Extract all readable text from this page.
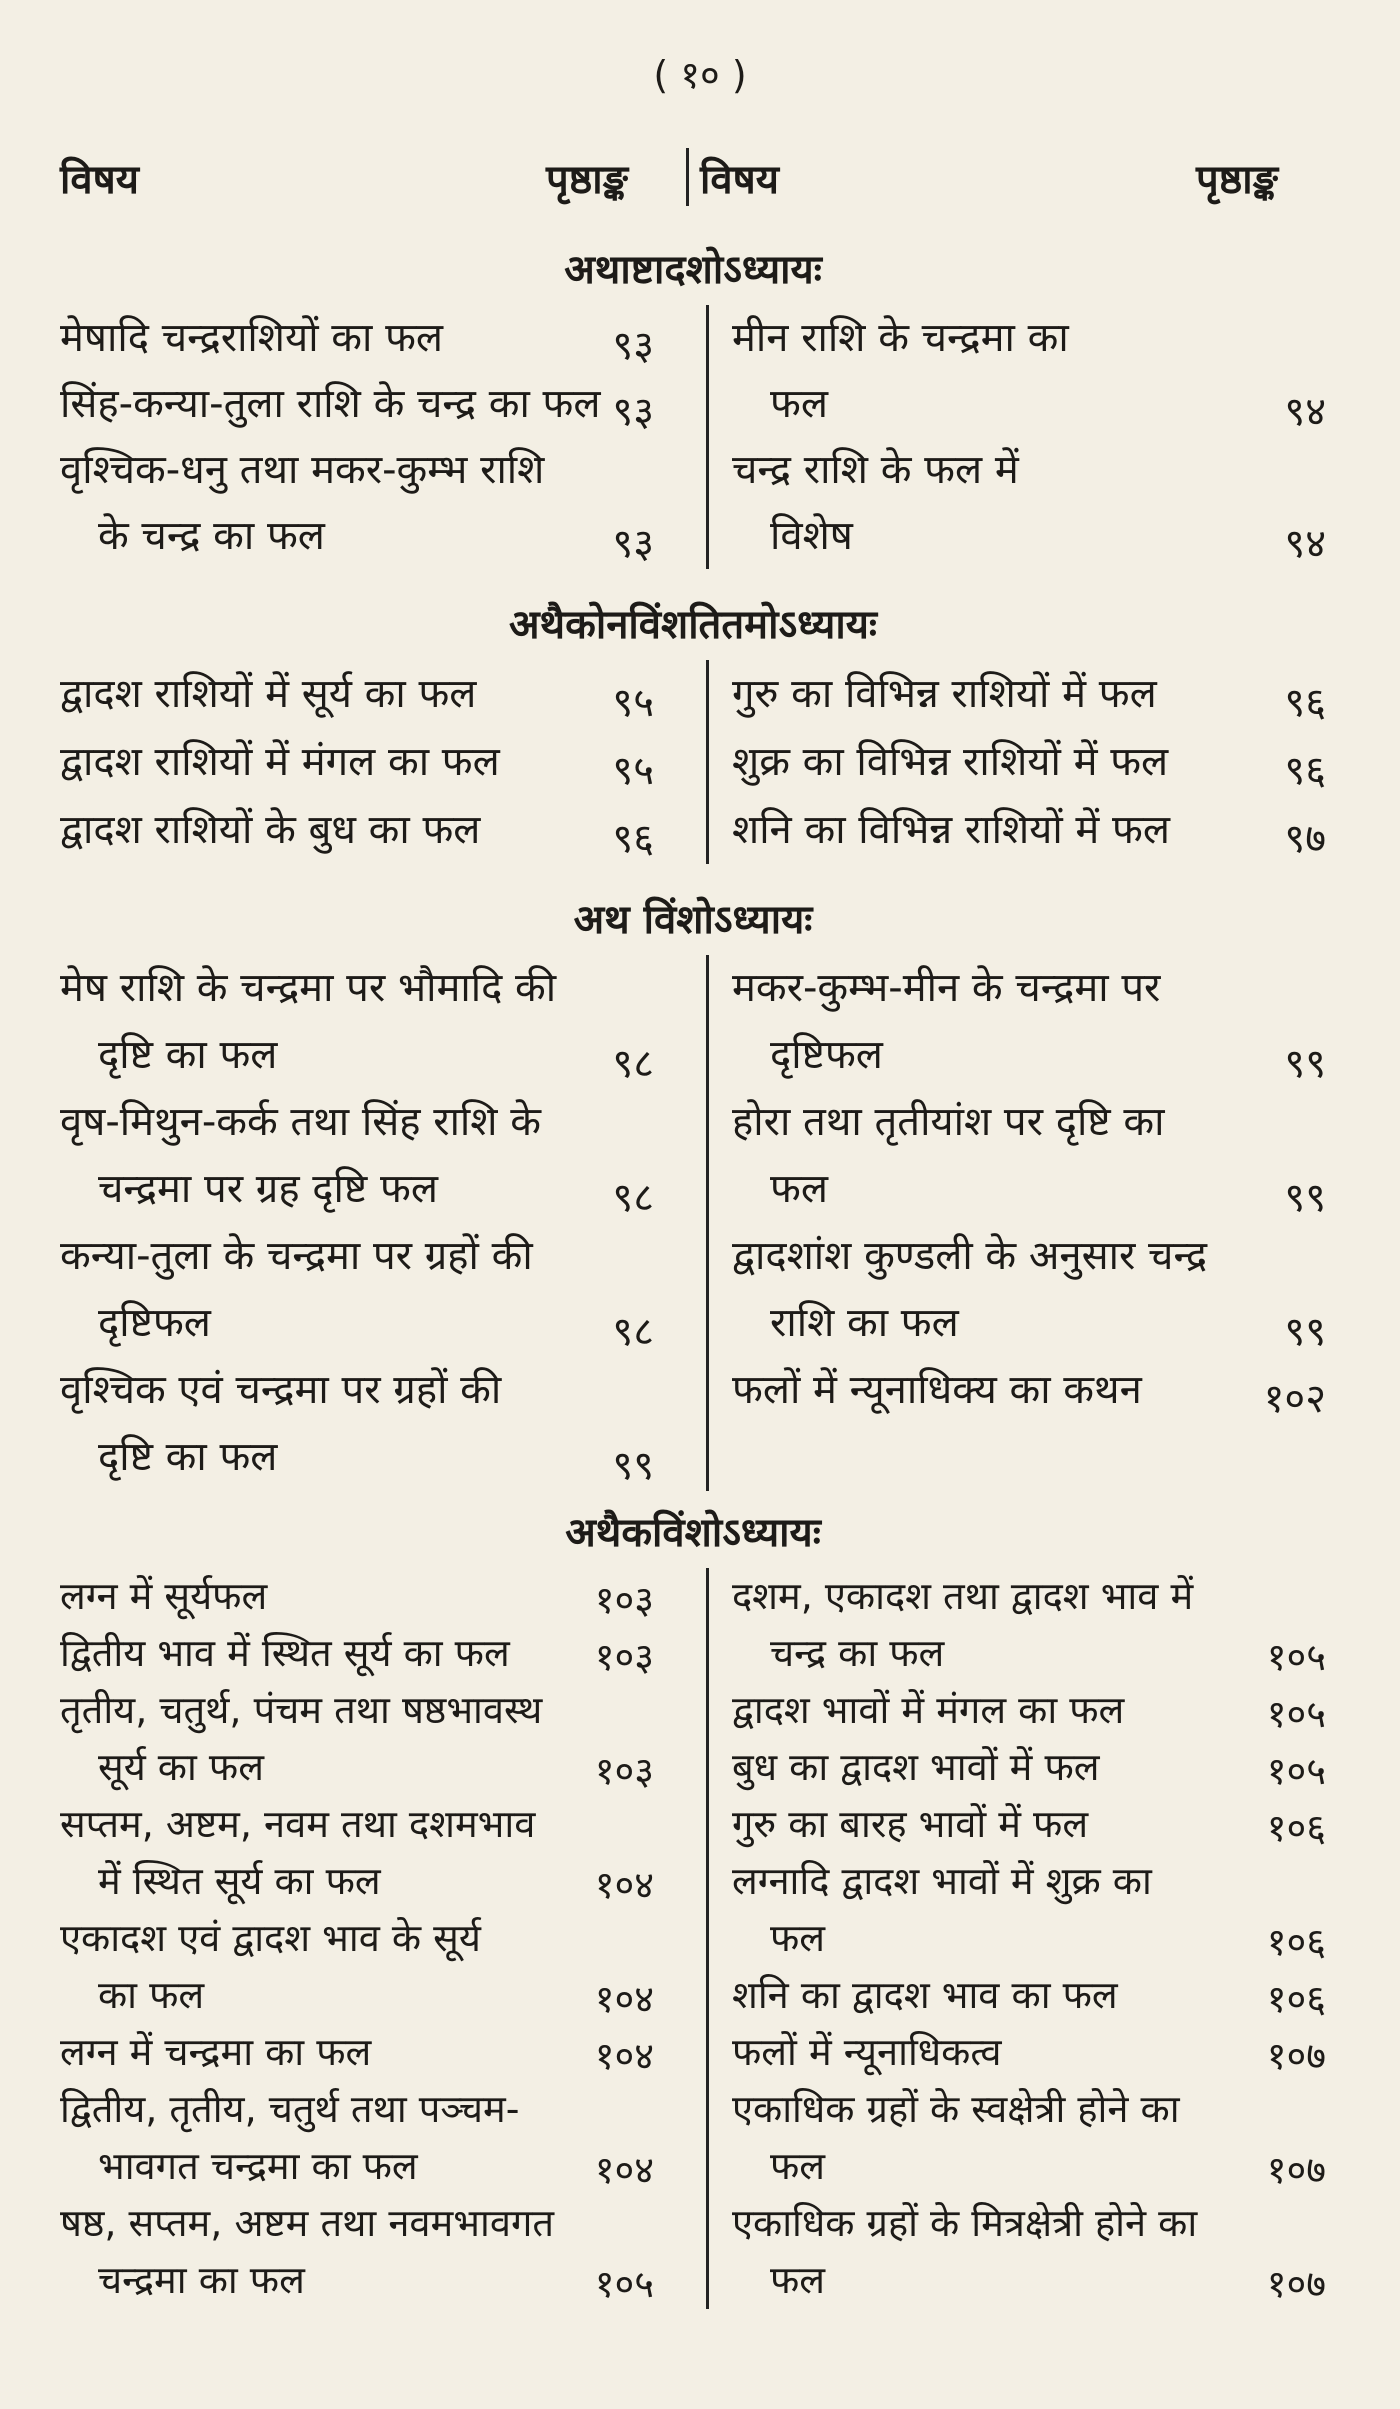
( १० )
विषय	पृष्ठाङ्क विषय	पृष्ठाङ्क
अथाष्टादशोऽध्यायः
मेषादि चन्द्रराशियों का फल	९३
सिंह-कन्या-तुला राशि के चन्द्र का फल ९३
वृश्चिक-धनु तथा मकर-कुम्भ राशि
के चन्द्र का फल	९३
मीन राशि के चन्द्रमा का
फल	९४
चन्द्र राशि के फल में
विशेष	९४
अथैकोनविंशतितमोऽध्यायः
द्वादश राशियों में सूर्य का फल	९५
द्वादश राशियों में मंगल का फल	९५
द्वादश राशियों के बुध का फल	९६
गुरु का विभिन्न राशियों में फल	९६
शुक्र का विभिन्न राशियों में फल	९६
शनि का विभिन्न राशियों में फल	९७
अथ विंशोऽध्यायः
मेष राशि के चन्द्रमा पर भौमादि की
दृष्टि का फल	९८
वृष-मिथुन-कर्क तथा सिंह राशि के
चन्द्रमा पर ग्रह दृष्टि फल	९८
कन्या-तुला के चन्द्रमा पर ग्रहों की
दृष्टिफल	९८
वृश्चिक एवं चन्द्रमा पर ग्रहों की
दृष्टि का फल	९९
मकर-कुम्भ-मीन के चन्द्रमा पर
दृष्टिफल	९९
होरा तथा तृतीयांश पर दृष्टि का
फल	९९
द्वादशांश कुण्डली के अनुसार चन्द्र
राशि का फल	९९
फलों में न्यूनाधिक्य का कथन	१०२
अथैकविंशोऽध्यायः
लग्न में सूर्यफल	१०३
द्वितीय भाव में स्थित सूर्य का फल	१०३
तृतीय, चतुर्थ, पंचम तथा षष्ठभावस्थ
सूर्य का फल	१०३
सप्तम, अष्टम, नवम तथा दशमभाव
में स्थित सूर्य का फल	१०४
एकादश एवं द्वादश भाव के सूर्य
का फल	१०४
लग्न में चन्द्रमा का फल	१०४
द्वितीय, तृतीय, चतुर्थ तथा पञ्चम-
भावगत चन्द्रमा का फल	१०४
षष्ठ, सप्तम, अष्टम तथा नवमभावगत
चन्द्रमा का फल	१०५
दशम, एकादश तथा द्वादश भाव में
चन्द्र का फल	१०५
द्वादश भावों में मंगल का फल	१०५
बुध का द्वादश भावों में फल	१०५
गुरु का बारह भावों में फल	१०६
लग्नादि द्वादश भावों में शुक्र का
फल	१०६
शनि का द्वादश भाव का फल	१०६
फलों में न्यूनाधिकत्व	१०७
एकाधिक ग्रहों के स्वक्षेत्री होने का
फल	१०७
एकाधिक ग्रहों के मित्रक्षेत्री होने का
फल	१०७
